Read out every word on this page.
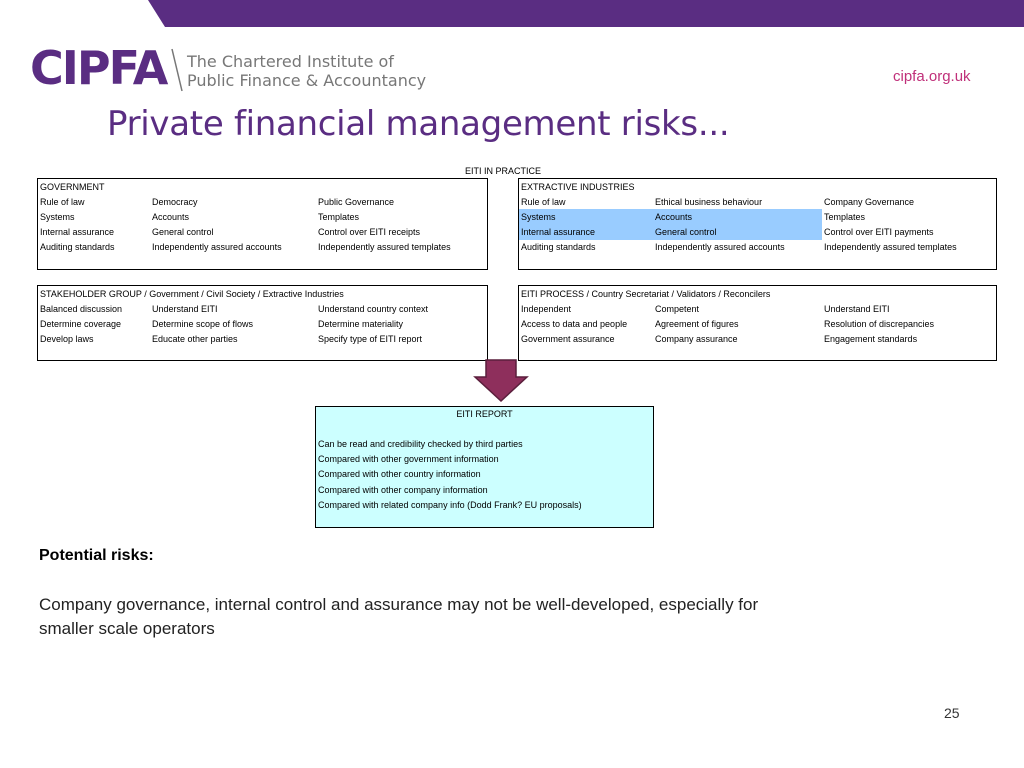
CIPFA The Chartered Institute of
Public Finance & Accountancy	cipfa.org.uk
Private financial management risks...
EITI IN PRACTICE
GOVERNMENT		
Rule of law	Democracy	Public Governance
Systems	Accounts	Templates
Internal assurance	General control	Control over EITI receipts
Auditing standards	Independently assured accounts	Independently assured templates
EXTRACTIVE INDUSTRIES		
Rule of law	Ethical business behaviour	Company Governance
Systems	Accounts	Templates
Internal assurance	General control	Control over EITI payments
Auditing standards	Independently assured accounts	Independently assured templates
STAKEHOLDER GROUP / Government / Civil Society / Extractive Industries		
Balanced discussion	Understand EITI	Understand country context
Determine coverage	Determine scope of flows	Determine materiality
Develop laws	Educate other parties	Specify type of EITI report
EITI PROCESS / Country Secretariat / Validators / Reconcilers		
Independent	Competent	Understand EITI
Access to data and people	Agreement of figures	Resolution of discrepancies
Government assurance	Company assurance	Engagement standards
EITI REPORT
Can be read and credibility checked by third parties
Compared with other government information
Compared with other country information
Compared with other company information
Compared with related company info (Dodd Frank? EU proposals)
Potential risks:
Company governance, internal control and assurance may not be well-developed, especially for smaller scale operators
25
